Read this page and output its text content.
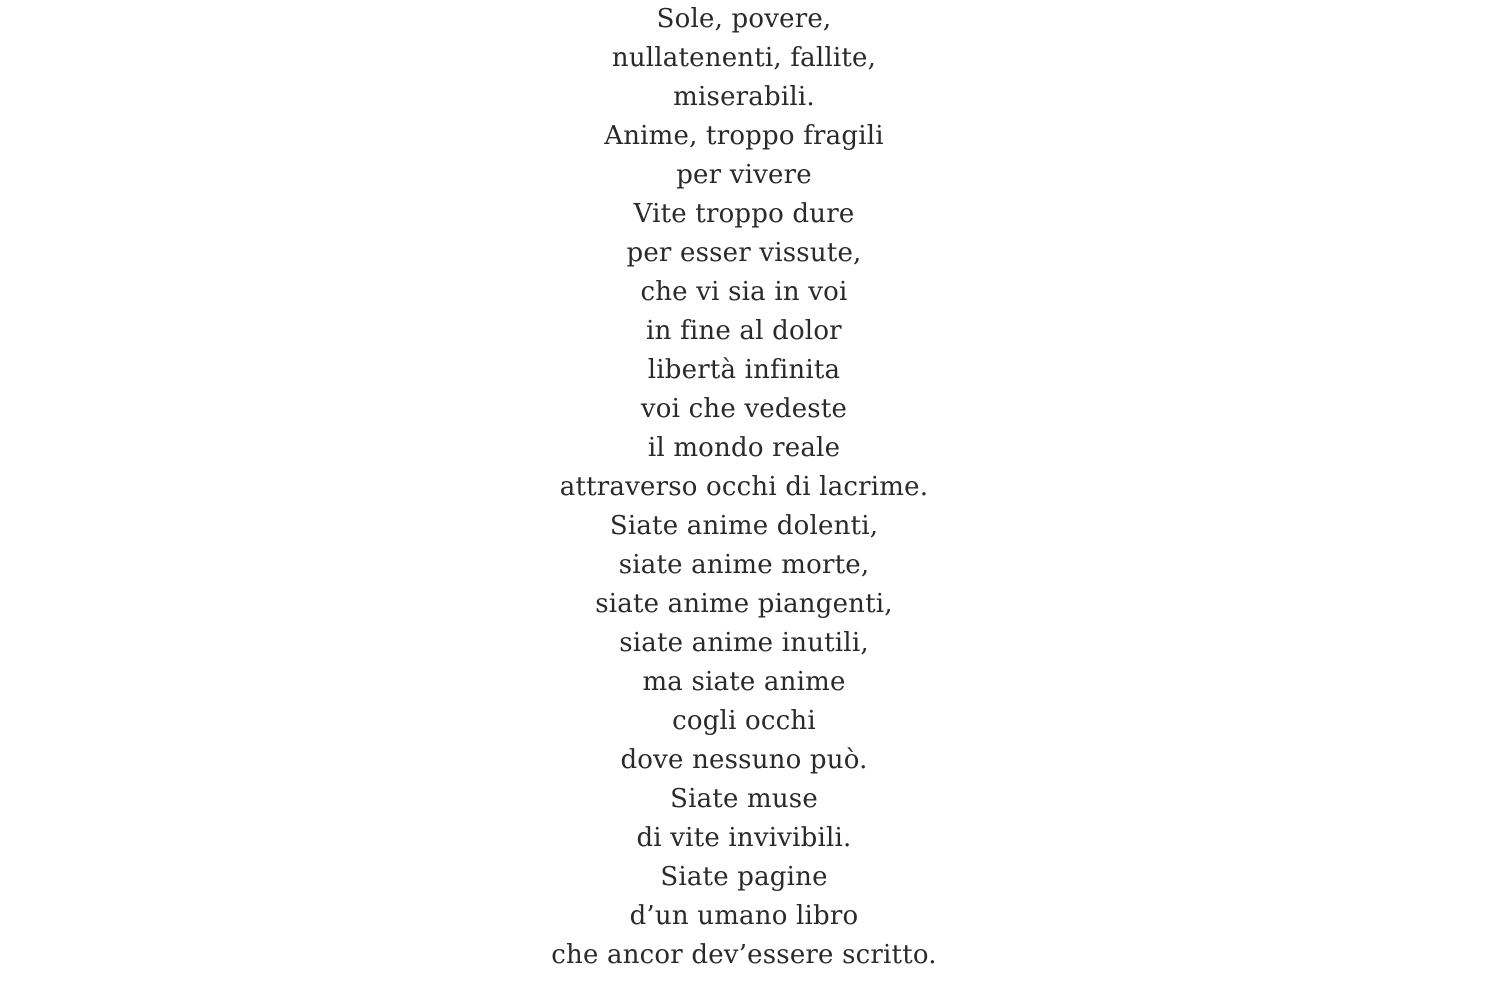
Sole, povere,
nullatenenti, fallite,
miserabili.
Anime, troppo fragili
per vivere
Vite troppo dure
per esser vissute,
che vi sia in voi
in fine al dolor
libertà infinita
voi che vedeste
il mondo reale
attraverso occhi di lacrime.
Siate anime dolenti,
siate anime morte,
siate anime piangenti,
siate anime inutili,
ma siate anime
cogli occhi
dove nessuno può.
Siate muse
di vite invivibili.
Siate pagine
d’un umano libro
che ancor dev’essere scritto.
